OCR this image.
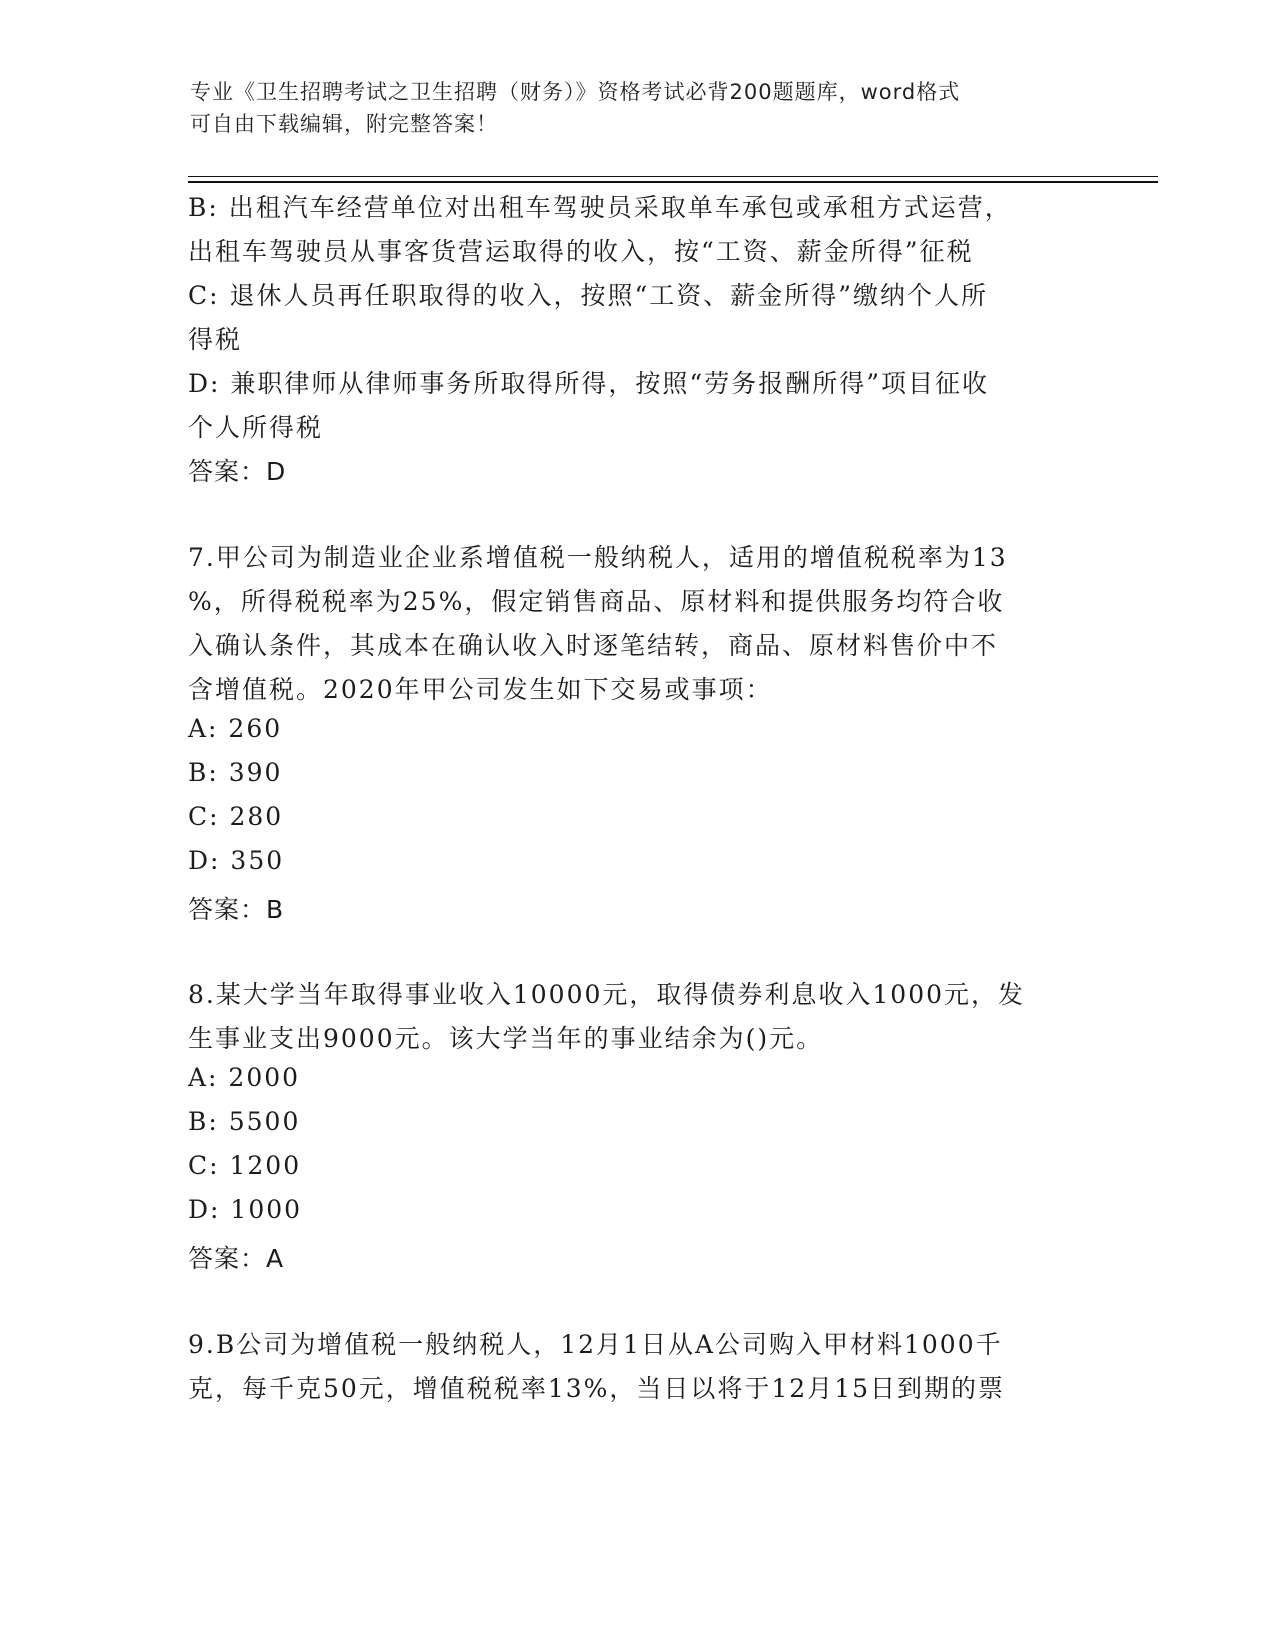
专业《卫生招聘考试之卫生招聘（财务）》资格考试必背200题题库，word格式
可自由下载编辑，附完整答案！
B: 出租汽车经营单位对出租车驾驶员采取单车承包或承租方式运营，
出租车驾驶员从事客货营运取得的收入，按“工资、薪金所得”征税
C: 退休人员再任职取得的收入，按照“工资、薪金所得”缴纳个人所
得税
D: 兼职律师从律师事务所取得所得，按照“劳务报酬所得”项目征收
个人所得税
答案：D
7.甲公司为制造业企业系增值税一般纳税人，适用的增值税税率为13
%，所得税税率为25%，假定销售商品、原材料和提供服务均符合收
入确认条件，其成本在确认收入时逐笔结转，商品、原材料售价中不
含增值税。2020年甲公司发生如下交易或事项：
A: 260
B: 390
C: 280
D: 350
答案：B
8.某大学当年取得事业收入10000元，取得债券利息收入1000元，发
生事业支出9000元。该大学当年的事业结余为()元。
A: 2000
B: 5500
C: 1200
D: 1000
答案：A
9.B公司为增值税一般纳税人，12月1日从A公司购入甲材料1000千
克，每千克50元，增值税税率13%，当日以将于12月15日到期的票
